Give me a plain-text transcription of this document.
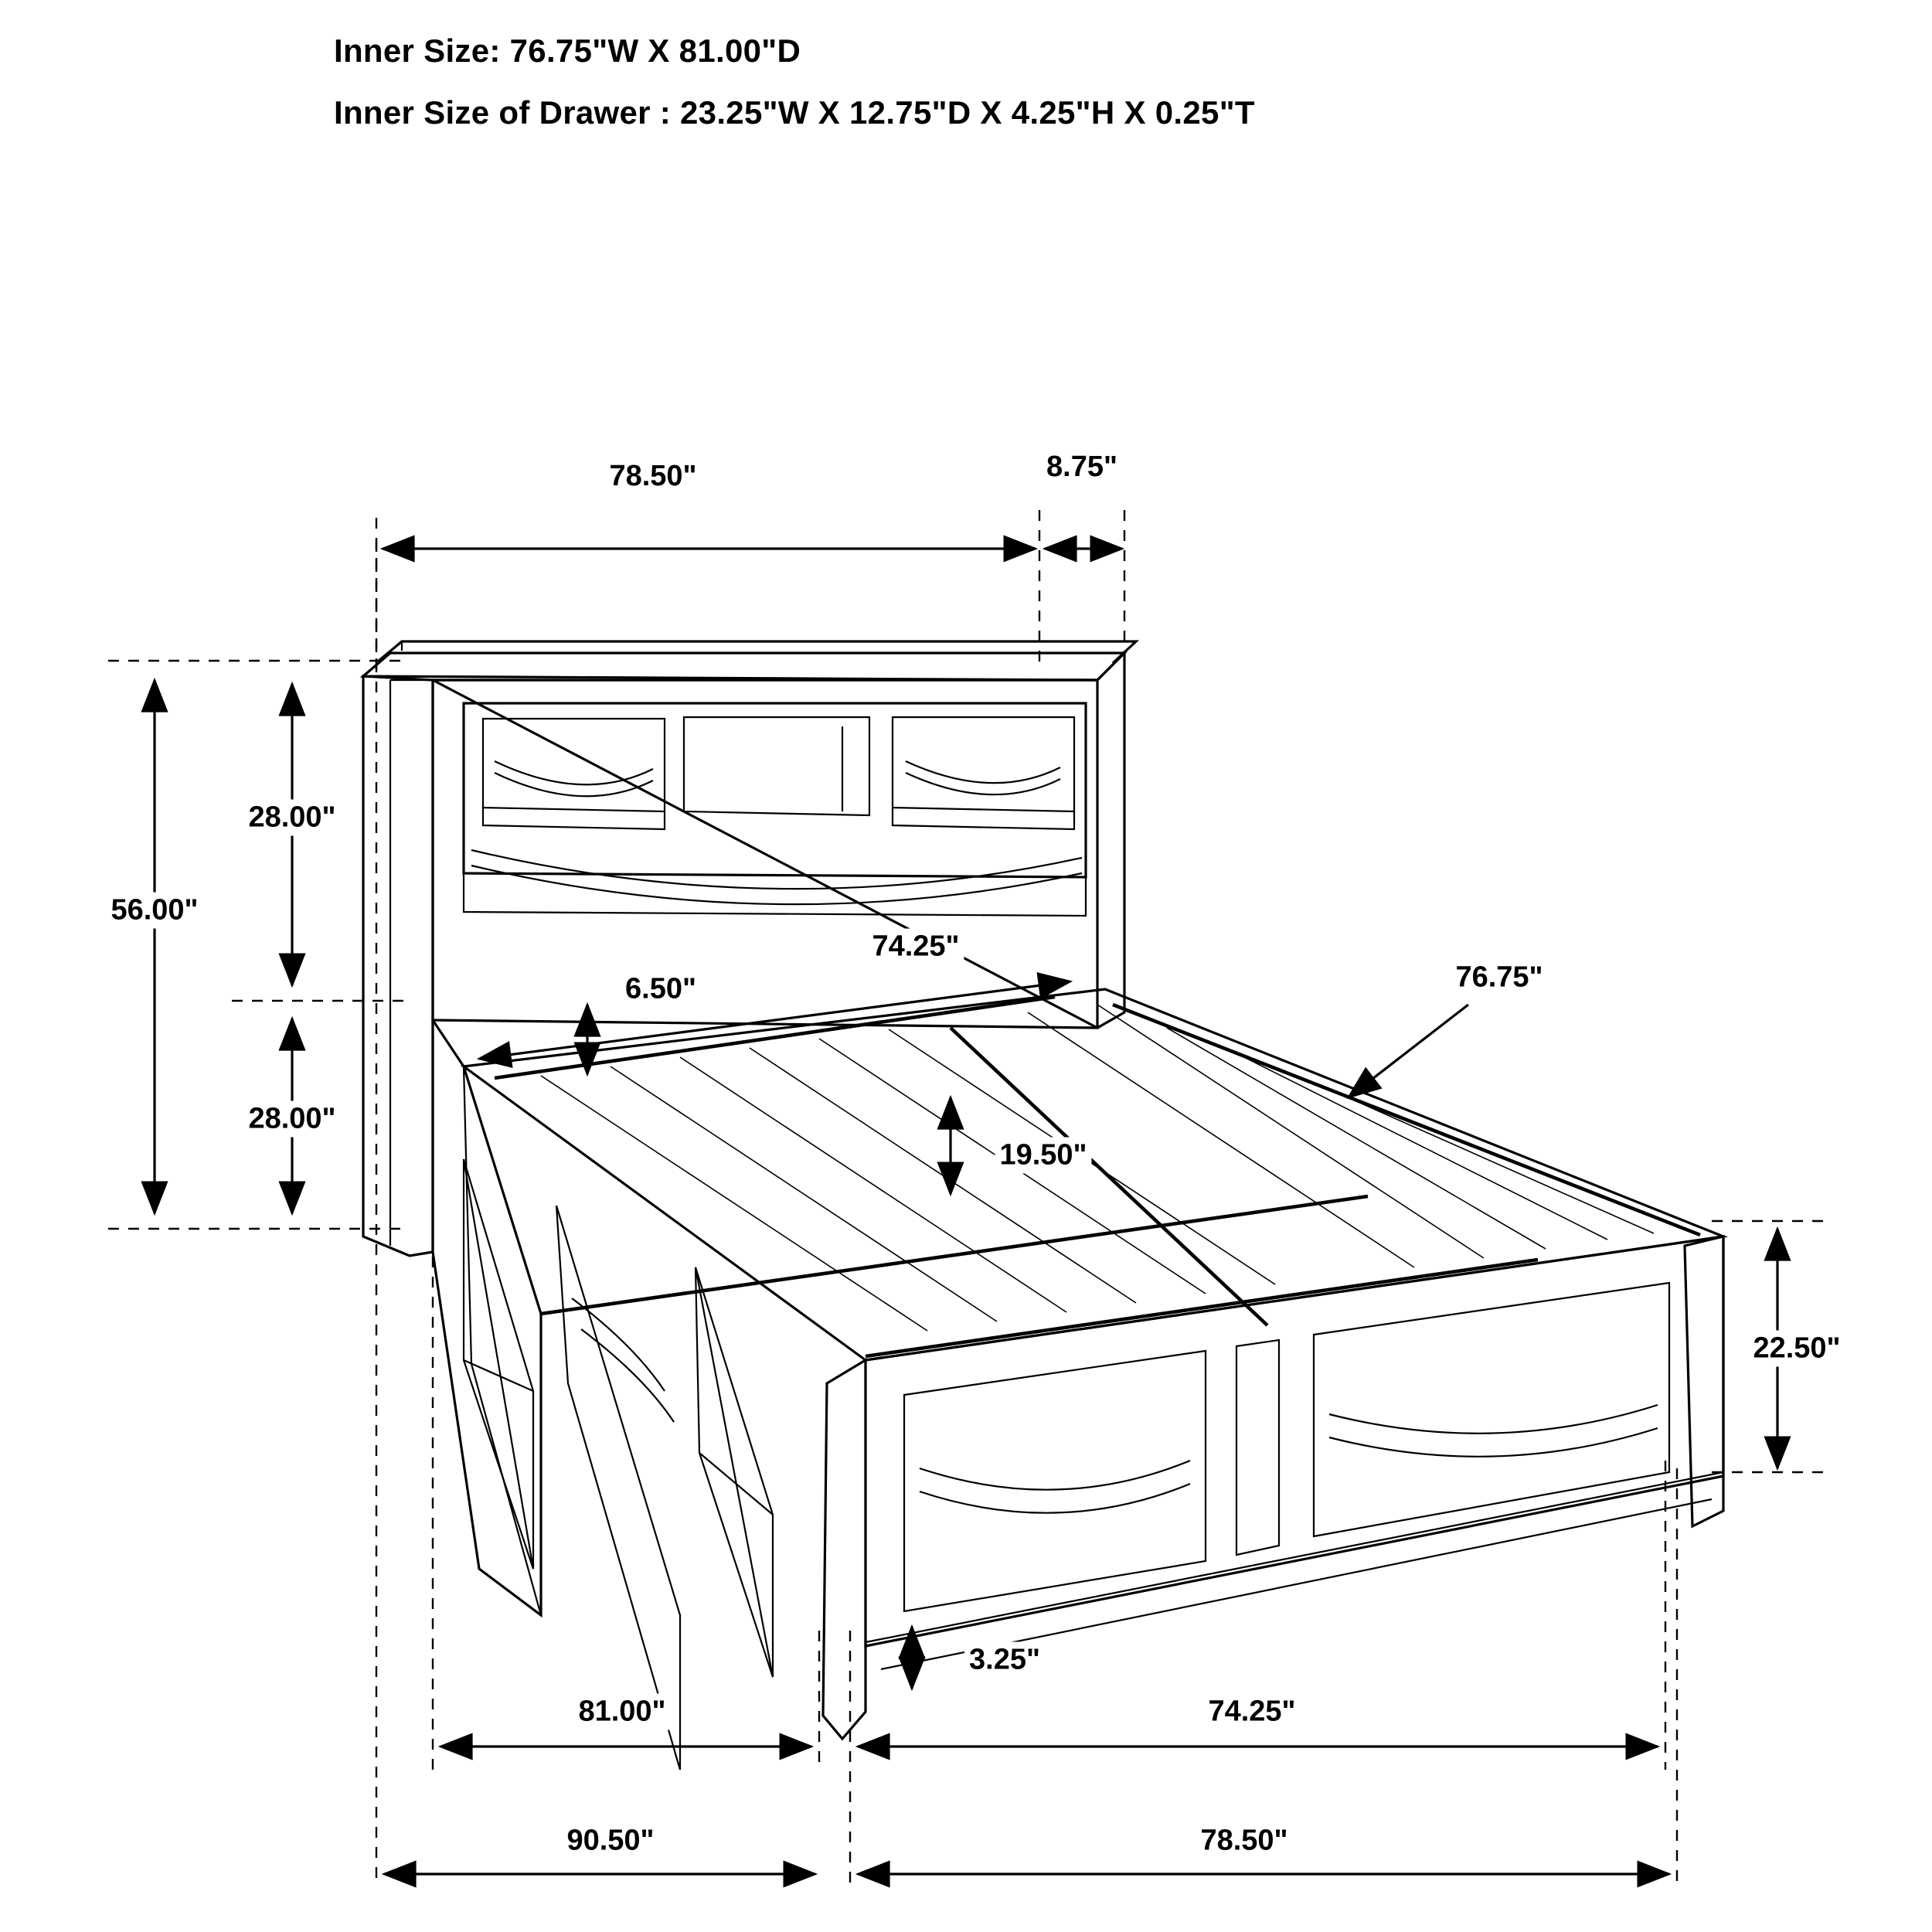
Inner Size: 76.75"W X 81.00"D
Inner Size of Drawer : 23.25"W X 12.75"D X 4.25"H X 0.25"T
78.50"	8.75"
28.00"
56.00"
28.00"
74.25"
6.50"	76.75"
19.50"
22.50"
3.25"
81.00"	74.25"
90.50"	78.50"
